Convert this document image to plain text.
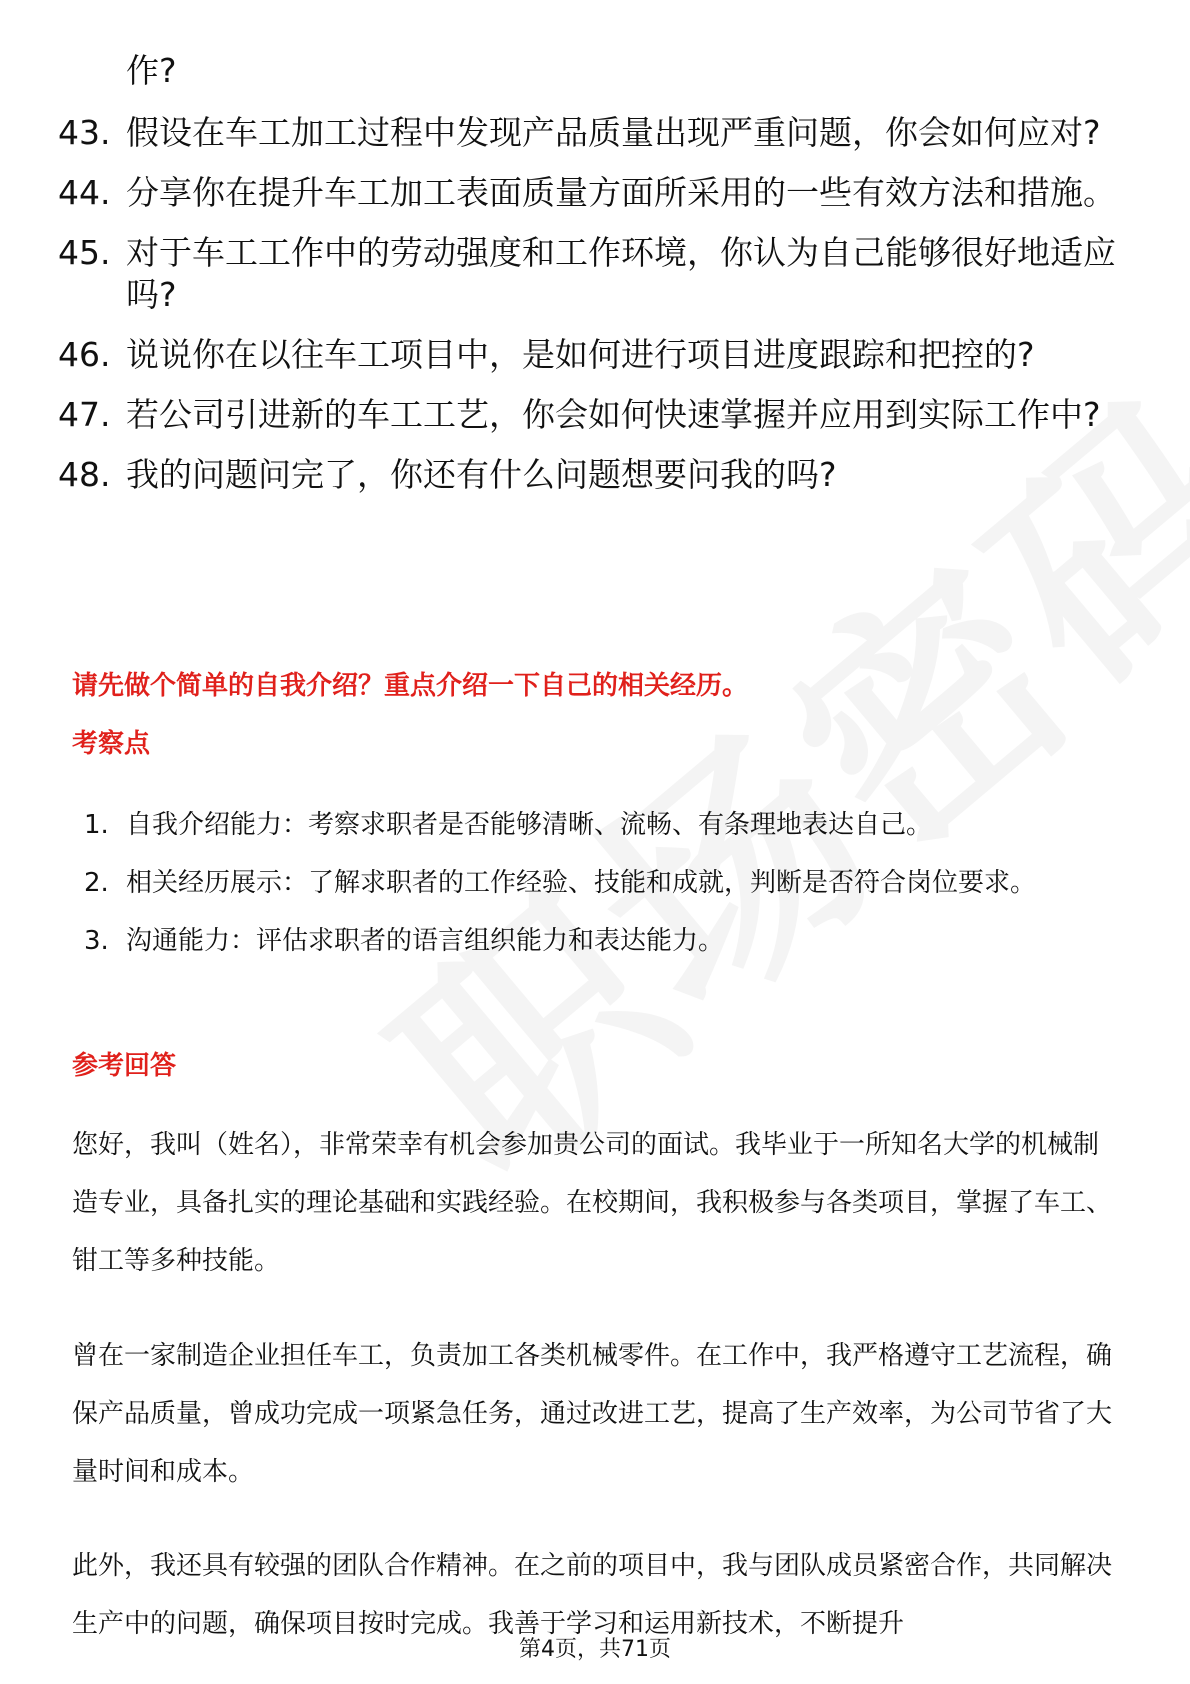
作?
43. 假设在车工加工过程中发现产品质量出现严重问题，你会如何应对?
44. 分享你在提升车工加工表面质量方面所采用的一些有效方法和措施。
45. 对于车工工作中的劳动强度和工作环境，你认为自己能够很好地适应吗?
46. 说说你在以往车工项目中，是如何进行项目进度跟踪和把控的?
47. 若公司引进新的车工工艺，你会如何快速掌握并应用到实际工作中?
48. 我的问题问完了，你还有什么问题想要问我的吗?
请先做个简单的自我介绍？重点介绍一下自己的相关经历。
考察点
1. 自我介绍能力：考察求职者是否能够清晰、流畅、有条理地表达自己。
2. 相关经历展示：了解求职者的工作经验、技能和成就，判断是否符合岗位要求。
3. 沟通能力：评估求职者的语言组织能力和表达能力。
参考回答

您好，我叫（姓名），非常荣幸有机会参加贵公司的面试。我毕业于一所知名大学的机械制造专业，具备扎实的理论基础和实践经验。在校期间，我积极参与各类项目，掌握了车工、钳工等多种技能。

曾在一家制造企业担任车工，负责加工各类机械零件。在工作中，我严格遵守工艺流程，确保产品质量，曾成功完成一项紧急任务，通过改进工艺，提高了生产效率，为公司节省了大量时间和成本。

此外，我还具有较强的团队合作精神。在之前的项目中，我与团队成员紧密合作，共同解决生产中的问题，确保项目按时完成。我善于学习和运用新技术，不断提升

第4页，共71页
